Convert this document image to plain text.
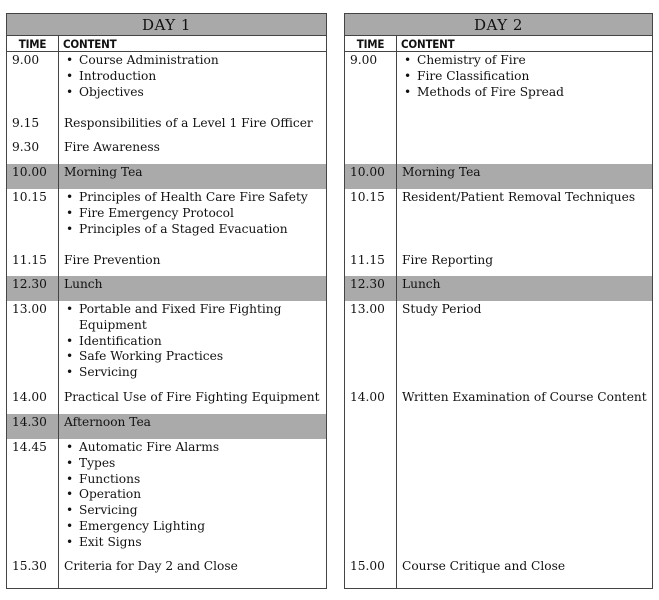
DAY 1
TIME	CONTENT
9.00	• Course Administration
• Introduction
• Objectives
9.15 Responsibilities of a Level 1 Fire Officer
9.30 Fire Awareness
10.00 Morning Tea
10.15	• Principles of Health Care Fire Safety
• Fire Emergency Protocol
• Principles of a Staged Evacuation
11.15 Fire Prevention
12.30 Lunch
13.00	• Portable and Fixed Fire Fighting Equipment
• Identification
• Safe Working Practices
• Servicing
14.00 Practical Use of Fire Fighting Equipment
14.30 Afternoon Tea
14.45	• Automatic Fire Alarms
• Types
• Functions
• Operation
• Servicing
• Emergency Lighting
• Exit Signs
15.30 Criteria for Day 2 and Close
DAY 2
TIME	CONTENT
9.00	• Chemistry of Fire
• Fire Classification
• Methods of Fire Spread
10.00 Morning Tea
10.15 Resident/Patient Removal Techniques
11.15 Fire Reporting
12.30 Lunch
13.00 Study Period
14.00 Written Examination of Course Content
15.00 Course Critique and Close
